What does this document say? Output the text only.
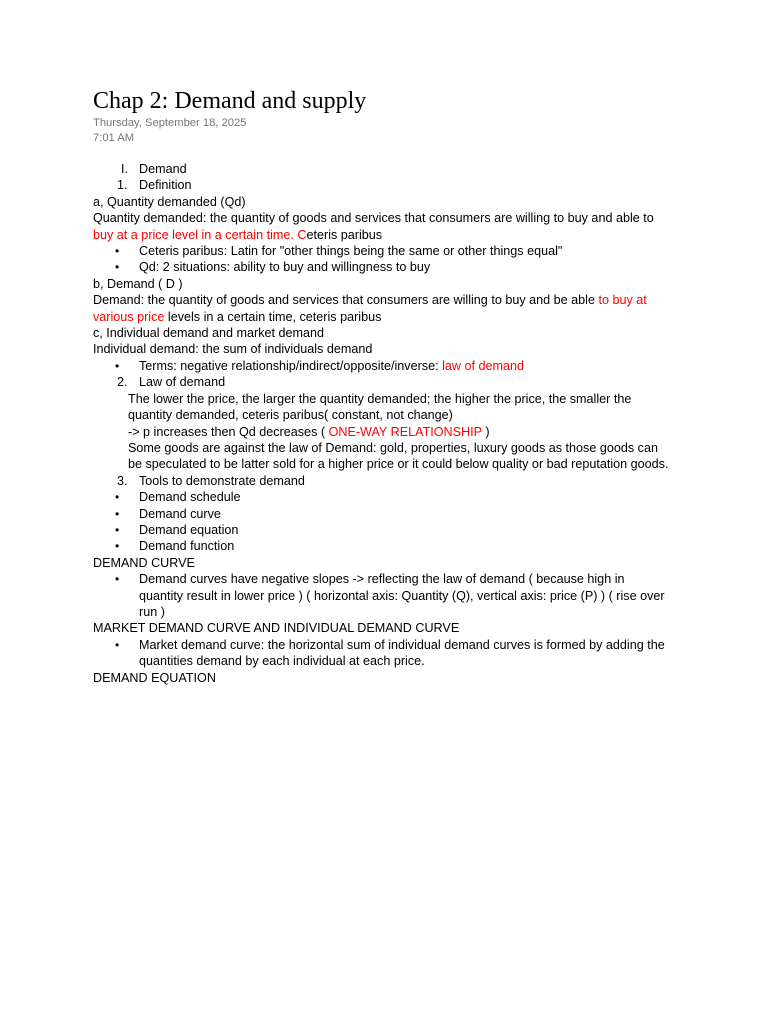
Chap 2: Demand and supply
Thursday, September 18, 2025
7:01 AM
I. Demand
1. Definition
a, Quantity demanded (Qd)
Quantity demanded: the quantity of goods and services that consumers are willing to buy and able to buy at a price level in a certain time. Ceteris paribus
•	Ceteris paribus: Latin for "other things being the same or other things equal"
•	Qd: 2 situations: ability to buy and willingness to buy
b, Demand ( D )
Demand: the quantity of goods and services that consumers are willing to buy and be able to buy at various price levels in a certain time, ceteris paribus
c, Individual demand and market demand
Individual demand: the sum of individuals demand
•	Terms: negative relationship/indirect/opposite/inverse: law of demand
2. Law of demand
The lower the price, the larger the quantity demanded; the higher the price, the smaller the quantity demanded, ceteris paribus( constant, not change)
-> p increases then Qd decreases ( ONE-WAY RELATIONSHIP )
Some goods are against the law of Demand: gold, properties, luxury goods as those goods can be speculated to be latter sold for a higher price or it could below quality or bad reputation goods.
3. Tools to demonstrate demand
•	Demand schedule
•	Demand curve
•	Demand equation
•	Demand function
DEMAND CURVE
•	Demand curves have negative slopes -> reflecting the law of demand ( because high in quantity result in lower price ) ( horizontal axis: Quantity (Q), vertical axis: price (P) ) ( rise over run )
MARKET DEMAND CURVE AND INDIVIDUAL DEMAND CURVE
•	Market demand curve: the horizontal sum of individual demand curves is formed by adding the quantities demand by each individual at each price.
DEMAND EQUATION
